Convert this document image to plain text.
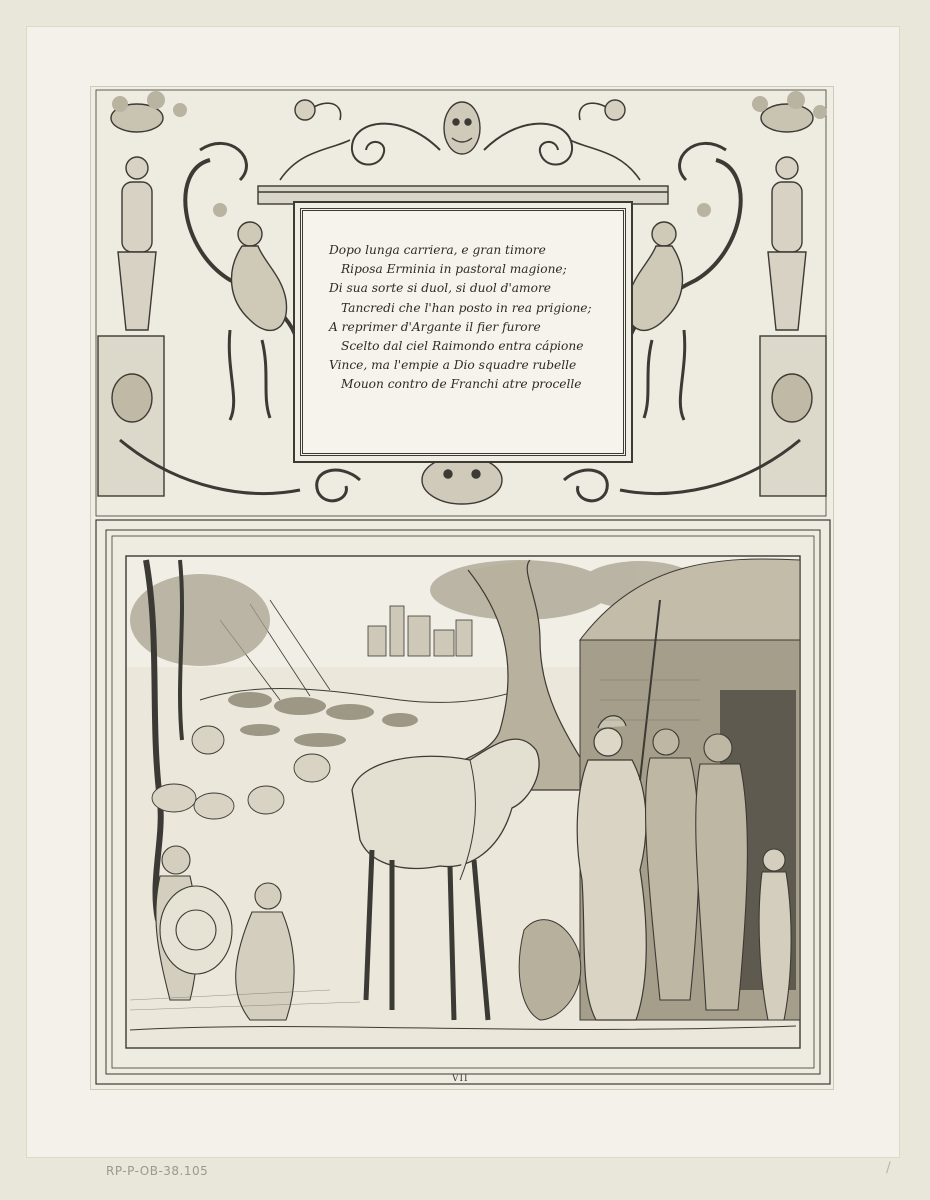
Dopo lunga carriera, e gran timore
Riposa Erminia in pastoral magione;
Di sua sorte si duol, si duol d'amore
Tancredi che l'han posto in rea prigione;
A reprimer d'Argante il fier furore
Scelto dal ciel Raimondo entra cápione
Vince, ma l'empie a Dio squadre rubelle
Mouon contro de Franchi atre procelle
VII
RP-P-OB-38.105	/
